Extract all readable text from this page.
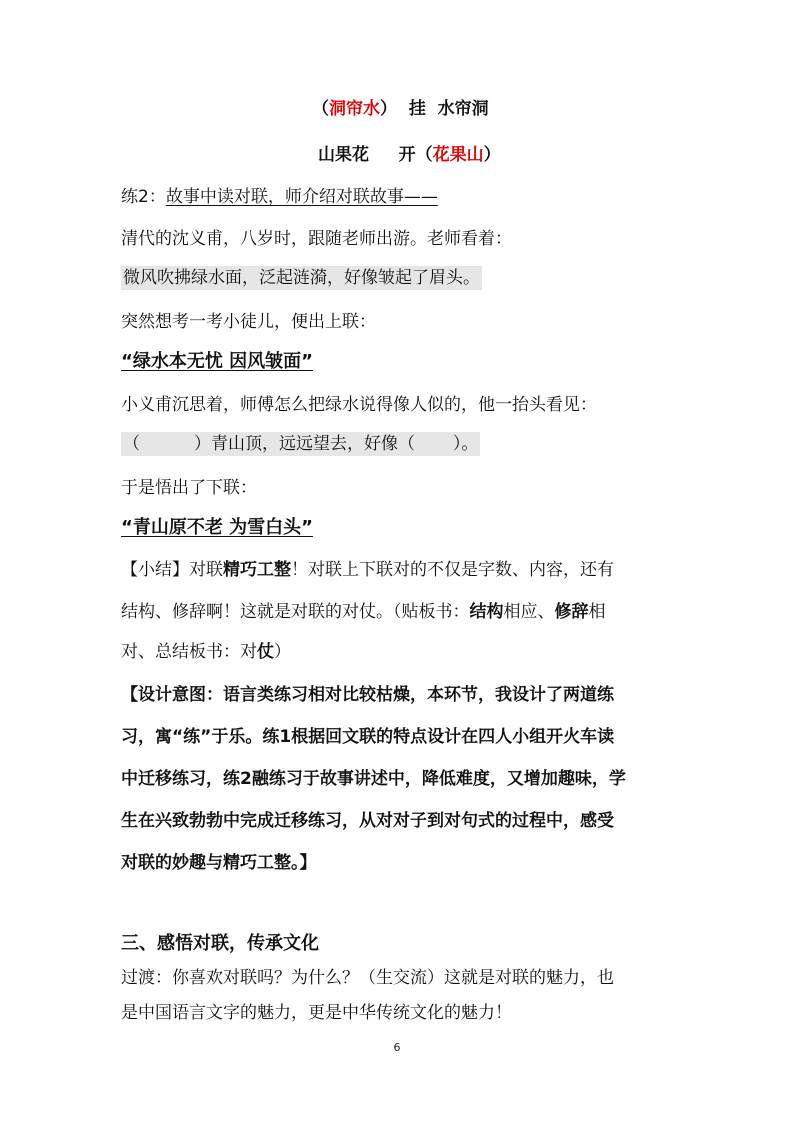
（洞帘水） 挂  水帘洞
山果花 开（花果山）
练2：故事中读对联，师介绍对联故事——
清代的沈义甫，八岁时，跟随老师出游。老师看着：
微风吹拂绿水面，泛起涟漪，好像皱起了眉头。
突然想考一考小徒儿，便出上联：
“绿水本无忧 因风皱面”
小义甫沉思着，师傅怎么把绿水说得像人似的，他一抬头看见：
（          ）青山顶，远远望去，好像（       ）。
于是悟出了下联：
“青山原不老 为雪白头”
【小结】对联精巧工整！对联上下联对的不仅是字数、内容，还有
结构、修辞啊！这就是对联的对仗。（贴板书：结构相应、修辞相
对、总结板书：对仗）
【设计意图：语言类练习相对比较枯燥，本环节，我设计了两道练
习，寓“练”于乐。练1根据回文联的特点设计在四人小组开火车读
中迁移练习，练2融练习于故事讲述中，降低难度，又增加趣味，学
生在兴致勃勃中完成迁移练习，从对对子到对句式的过程中，感受
对联的妙趣与精巧工整。】
三、感悟对联，传承文化
过渡：你喜欢对联吗？为什么？（生交流）这就是对联的魅力，也
是中国语言文字的魅力，更是中华传统文化的魅力！
6
